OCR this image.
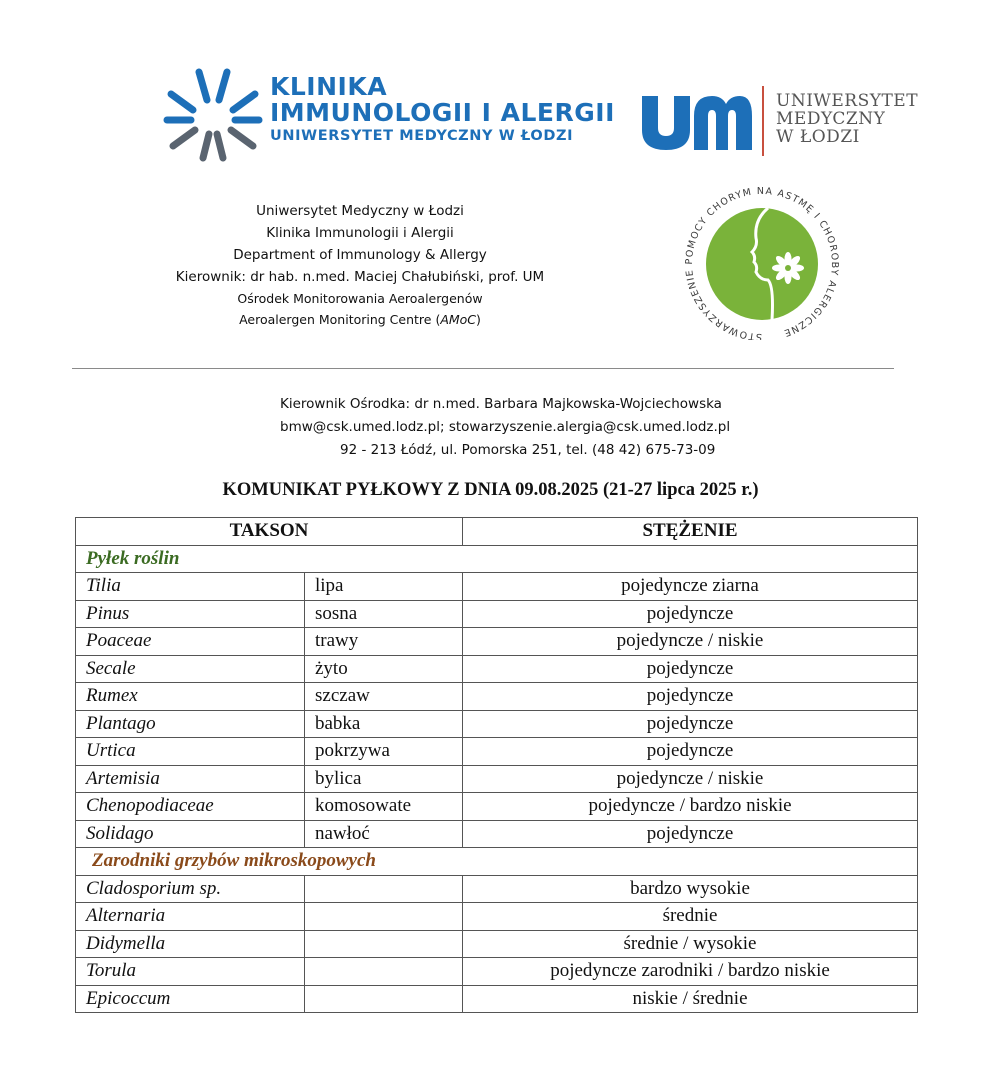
KLINIKA
IMMUNOLOGII I ALERGII
UNIWERSYTET MEDYCZNY W ŁODZI
UNIWERSYTET
MEDYCZNY
W ŁODZI
Uniwersytet Medyczny w Łodzi
Klinika Immunologii i Alergii
Department of Immunology & Allergy
Kierownik: dr hab. n.med. Maciej Chałubiński, prof. UM
Ośrodek Monitorowania Aeroalergenów
Aeroalergen Monitoring Centre (AMoC)
STOWARZYSZENIE POMOCY CHORYM NA ASTMĘ I CHOROBY ALERGICZNE
Kierownik Ośrodka: dr n.med. Barbara Majkowska-Wojciechowska
bmw@csk.umed.lodz.pl; stowarzyszenie.alergia@csk.umed.lodz.pl
92 - 213 Łódź, ul. Pomorska 251, tel. (48 42) 675-73-09
KOMUNIKAT PYŁKOWY Z DNIA 09.08.2025 (21-27 lipca 2025 r.)
TAKSON		STĘŻENIE
Pyłek roślin		
Tilia	lipa	pojedyncze ziarna
Pinus	sosna	pojedyncze
Poaceae	trawy	pojedyncze / niskie
Secale	żyto	pojedyncze
Rumex	szczaw	pojedyncze
Plantago	babka	pojedyncze
Urtica	pokrzywa	pojedyncze
Artemisia	bylica	pojedyncze / niskie
Chenopodiaceae	komosowate	pojedyncze / bardzo niskie
Solidago	nawłoć	pojedyncze
Zarodniki grzybów mikroskopowych		
Cladosporium sp.		bardzo wysokie
Alternaria		średnie
Didymella		średnie / wysokie
Torula		pojedyncze zarodniki / bardzo niskie
Epicoccum		niskie / średnie
